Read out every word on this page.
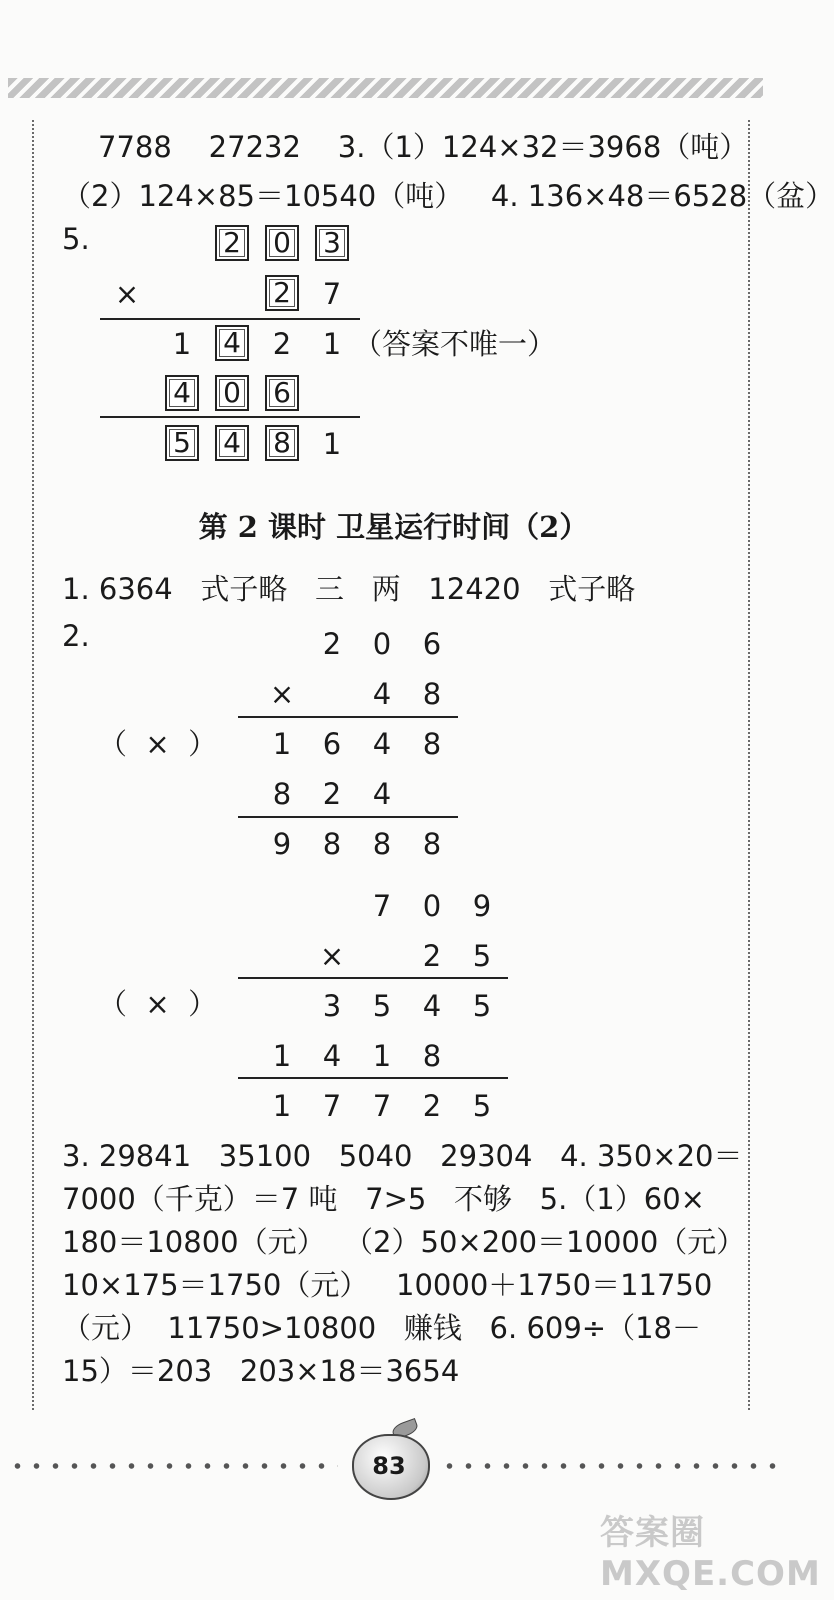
7788    27232    3.（1）124×32＝3968（吨）
（2）124×85＝10540（吨）   4. 136×48＝6528（盆）
5.	2 0 3
×	2 7
1 4 2 1 （答案不唯一）
4 0 6
5 4 8 1
第 2 课时 卫星运行时间（2）
1. 6364   式子略   三   两   12420   式子略
2.	2 0 6
×	4 8
（  ×  ） 1 6 4 8
8 2 4
9 8 8 8
7 0 9
×	2 5
（  ×  ）	3 5 4 5
1 4 1 8
1 7 7 2 5
3. 29841   35100   5040   29304   4. 350×20＝
7000（千克）＝7 吨   7>5   不够   5.（1）60×
180＝10800（元）  （2）50×200＝10000（元）
10×175＝1750（元）   10000＋1750＝11750
（元）  11750>10800   赚钱   6. 609÷（18－
15）＝203   203×18＝3654
83
答案圈 MXQE.COM
